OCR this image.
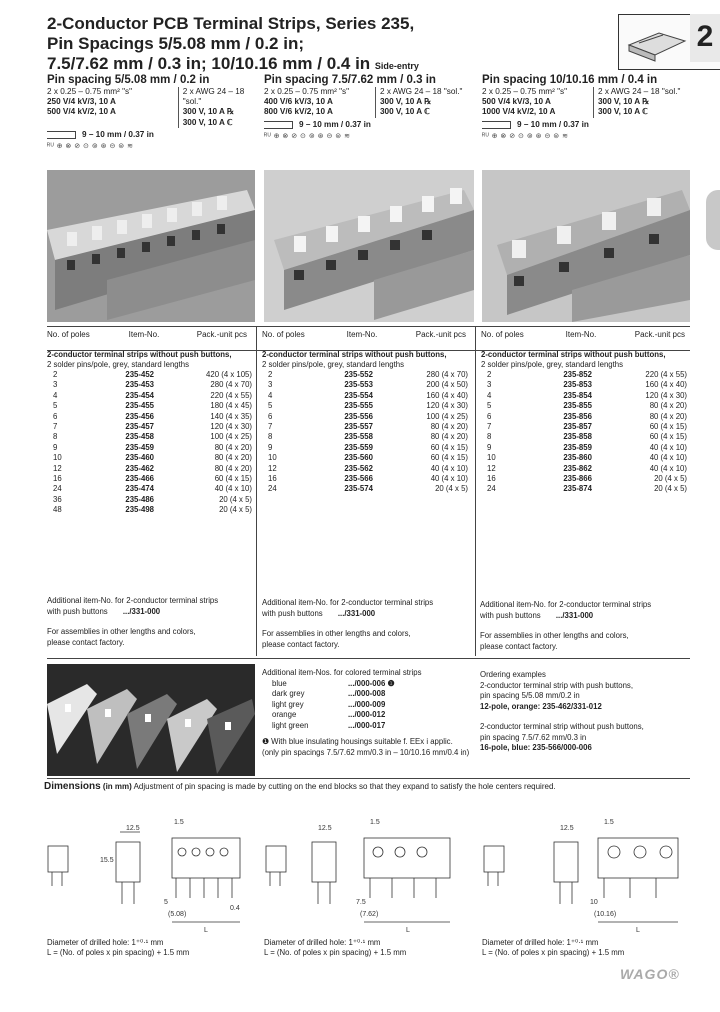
2-Conductor PCB Terminal Strips, Series 235,
Pin Spacings 5/5.08 mm / 0.2 in;
7.5/7.62 mm / 0.3 in; 10/10.16 mm / 0.4 in Side-entry
2
Pin spacing 5/5.08 mm / 0.2 in
2 x 0.25 – 0.75 mm² "s"
250 V/4 kV/3, 10 A
500 V/4 kV/2, 10 A
2 x AWG 24 – 18 "sol."
300 V, 10 A ℞
300 V, 10 A ℂ
9 – 10 mm / 0.37 in
ᴿᵁ ⊕ ⊗ ⊘ ⊙ ⊚ ⊛ ⊝ ⊜ ≋
Pin spacing 7.5/7.62 mm / 0.3 in
2 x 0.25 – 0.75 mm² "s"
400 V/6 kV/3, 10 A
800 V/6 kV/2, 10 A
2 x AWG 24 – 18 "sol."
300 V, 10 A ℞
300 V, 10 A ℂ
9 – 10 mm / 0.37 in
ᴿᵁ ⊕ ⊗ ⊘ ⊙ ⊚ ⊛ ⊝ ⊜ ≋
Pin spacing 10/10.16 mm / 0.4 in
2 x 0.25 – 0.75 mm² "s"
500 V/4 kV/3, 10 A
1000 V/4 kV/2, 10 A
2 x AWG 24 – 18 "sol."
300 V, 10 A ℞
300 V, 10 A ℂ
9 – 10 mm / 0.37 in
ᴿᵁ ⊕ ⊗ ⊘ ⊙ ⊚ ⊛ ⊝ ⊜ ≋
No. of poles	Item-No.	Pack.-unit pcs
2-conductor terminal strips without push buttons,
2 solder pins/pole, grey, standard lengths
2	235-452	420 (4 x 105)
3	235-453	280 (4 x 70)
4	235-454	220 (4 x 55)
5	235-455	180 (4 x 45)
6	235-456	140 (4 x 35)
7	235-457	120 (4 x 30)
8	235-458	100 (4 x 25)
9	235-459	80 (4 x 20)
10	235-460	80 (4 x 20)
12	235-462	80 (4 x 20)
16	235-466	60 (4 x 15)
24	235-474	40 (4 x 10)
36	235-486	20 (4 x 5)
48	235-498	20 (4 x 5)
No. of poles	Item-No.	Pack.-unit pcs
2-conductor terminal strips without push buttons,
2 solder pins/pole, grey, standard lengths
2	235-552	280 (4 x 70)
3	235-553	200 (4 x 50)
4	235-554	160 (4 x 40)
5	235-555	120 (4 x 30)
6	235-556	100 (4 x 25)
7	235-557	80 (4 x 20)
8	235-558	80 (4 x 20)
9	235-559	60 (4 x 15)
10	235-560	60 (4 x 15)
12	235-562	40 (4 x 10)
16	235-566	40 (4 x 10)
24	235-574	20 (4 x 5)
No. of poles	Item-No.	Pack.-unit pcs
2-conductor terminal strips without push buttons,
2 solder pins/pole, grey, standard lengths
2	235-852	220 (4 x 55)
3	235-853	160 (4 x 40)
4	235-854	120 (4 x 30)
5	235-855	80 (4 x 20)
6	235-856	80 (4 x 20)
7	235-857	60 (4 x 15)
8	235-858	60 (4 x 15)
9	235-859	40 (4 x 10)
10	235-860	40 (4 x 10)
12	235-862	40 (4 x 10)
16	235-866	20 (4 x 5)
24	235-874	20 (4 x 5)
Additional item-No. for 2-conductor terminal strips
with push buttons .../331-000
For assemblies in other lengths and colors,
please contact factory.
Additional item-No. for 2-conductor terminal strips
with push buttons .../331-000
For assemblies in other lengths and colors,
please contact factory.
Additional item-No. for 2-conductor terminal strips
with push buttons .../331-000
For assemblies in other lengths and colors,
please contact factory.
Additional item-Nos. for colored terminal strips
blue	.../000-006 ❶
dark grey	.../000-008
light grey	.../000-009
orange	.../000-012
light green	.../000-017
❶ With blue insulating housings suitable f. EEx i applic.
(only pin spacings 7.5/7.62 mm/0.3 in – 10/10.16 mm/0.4 in)
Ordering examples
2-conductor terminal strip with push buttons,
pin spacing 5/5.08 mm/0.2 in
12-pole, orange: 235-462/331-012
2-conductor terminal strip without push buttons,
pin spacing 7.5/7.62 mm/0.3 in
16-pole, blue: 235-566/000-006
Dimensions (in mm) Adjustment of pin spacing is made by cutting on the end blocks so that they expand to satisfy the hole centers required.
12.5
1.5
15.5
5
(5.08)
L
0.4
12.5
1.5
7.5
(7.62)
L
12.5
1.5
10
(10.16)
L
Diameter of drilled hole: 1⁺⁰·¹ mm
L = (No. of poles x pin spacing) + 1.5 mm
Diameter of drilled hole: 1⁺⁰·¹ mm
L = (No. of poles x pin spacing) + 1.5 mm
Diameter of drilled hole: 1⁺⁰·¹ mm
L = (No. of poles x pin spacing) + 1.5 mm
WAGO®
